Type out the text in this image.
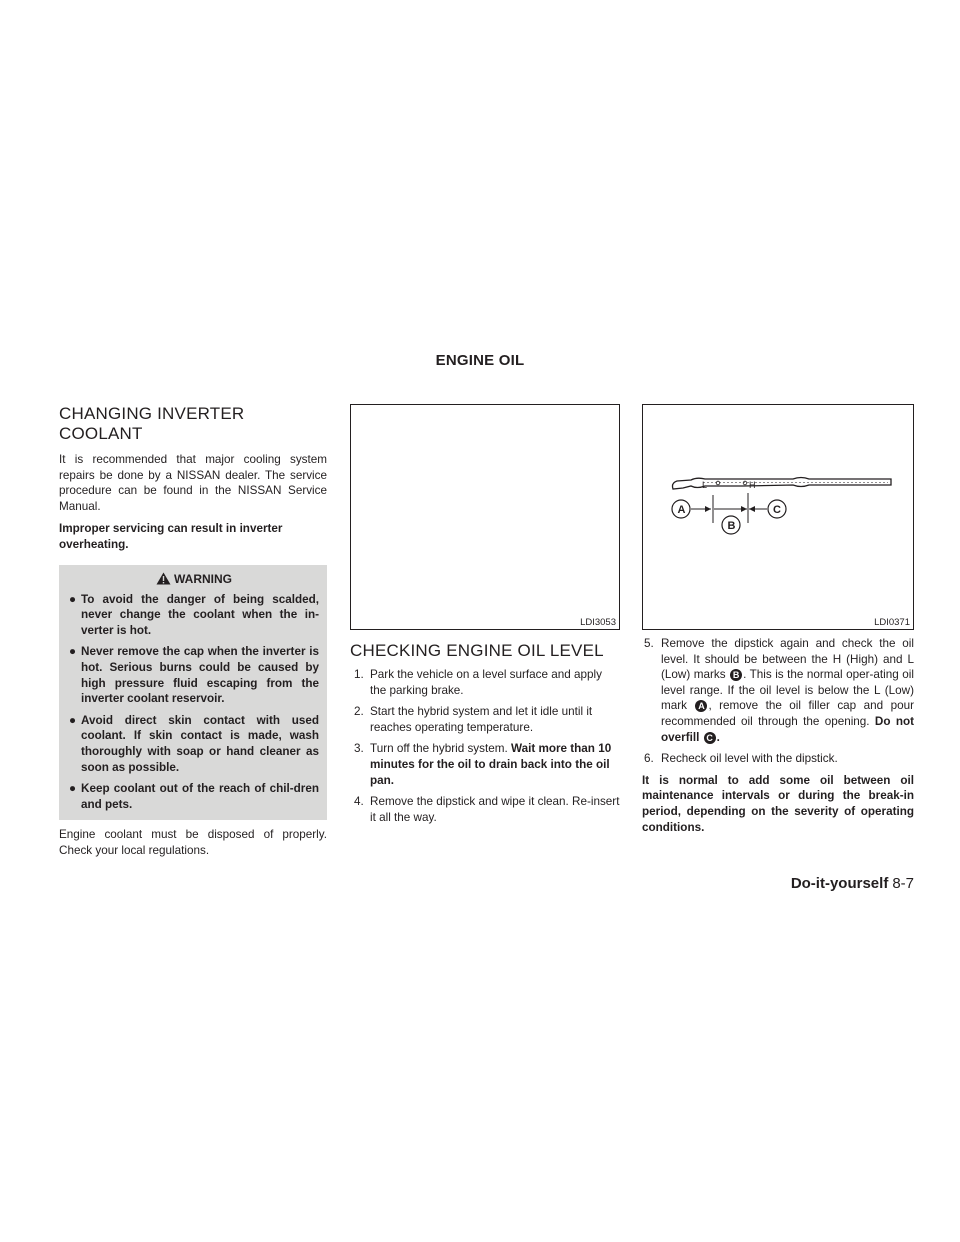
ENGINE OIL
CHANGING INVERTER COOLANT

It is recommended that major cooling system repairs be done by a NISSAN dealer. The service procedure can be found in the NISSAN Service Manual.

Improper servicing can result in inverter overheating.

WARNING
● To avoid the danger of being scalded, never change the coolant when the in-verter is hot.
● Never remove the cap when the inverter is hot. Serious burns could be caused by high pressure fluid escaping from the inverter coolant reservoir.
● Avoid direct skin contact with used coolant. If skin contact is made, wash thoroughly with soap or hand cleaner as soon as possible.
● Keep coolant out of the reach of chil-dren and pets.

Engine coolant must be disposed of properly. Check your local regulations.

LDI3053
CHECKING ENGINE OIL LEVEL
1. Park the vehicle on a level surface and apply the parking brake.
2. Start the hybrid system and let it idle until it reaches operating temperature.
3. Turn off the hybrid system. Wait more than 10 minutes for the oil to drain back into the oil pan.
4. Remove the dipstick and wipe it clean. Re-insert it all the way.
L	H
A
B
C
LDI0371
5. Remove the dipstick again and check the oil level. It should be between the H (High) and L (Low) marks B . This is the normal oper-ating oil level range. If the oil level is below the L (Low) mark A , remove the oil filler cap and pour recommended oil through the opening. Do not overfill C .
6. Recheck oil level with the dipstick.

It is normal to add some oil between oil maintenance intervals or during the break-in period, depending on the severity of operating conditions.

Do-it-yourself 8-7
